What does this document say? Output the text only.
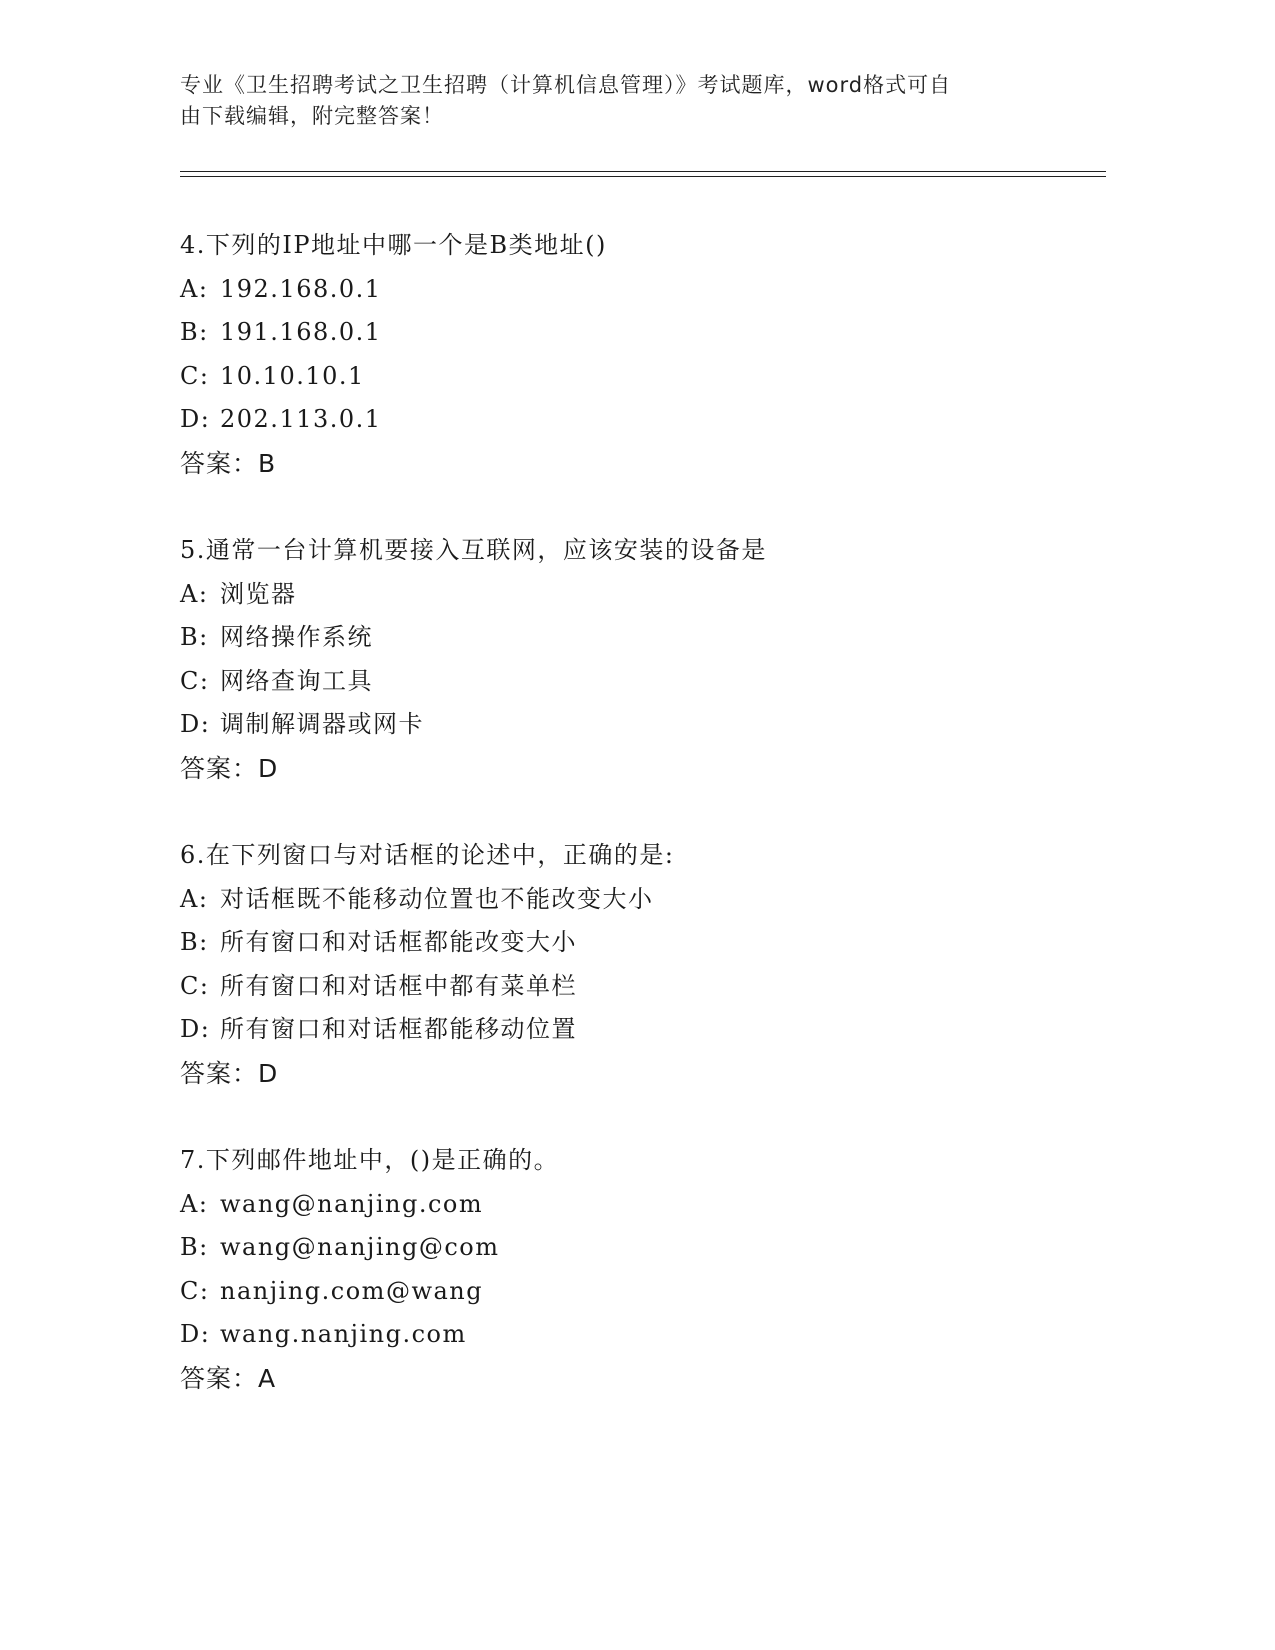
专业《卫生招聘考试之卫生招聘（计算机信息管理）》考试题库，word格式可自
由下载编辑，附完整答案！
4.下列的IP地址中哪一个是B类地址()
A: 192.168.0.1
B: 191.168.0.1
C: 10.10.10.1
D: 202.113.0.1
答案：B
5.通常一台计算机要接入互联网，应该安装的设备是
A: 浏览器
B: 网络操作系统
C: 网络查询工具
D: 调制解调器或网卡
答案：D
6.在下列窗口与对话框的论述中，正确的是:
A: 对话框既不能移动位置也不能改变大小
B: 所有窗口和对话框都能改变大小
C: 所有窗口和对话框中都有菜单栏
D: 所有窗口和对话框都能移动位置
答案：D
7.下列邮件地址中，()是正确的。
A: wang@nanjing.com
B: wang@nanjing@com
C: nanjing.com@wang
D: wang.nanjing.com
答案：A
